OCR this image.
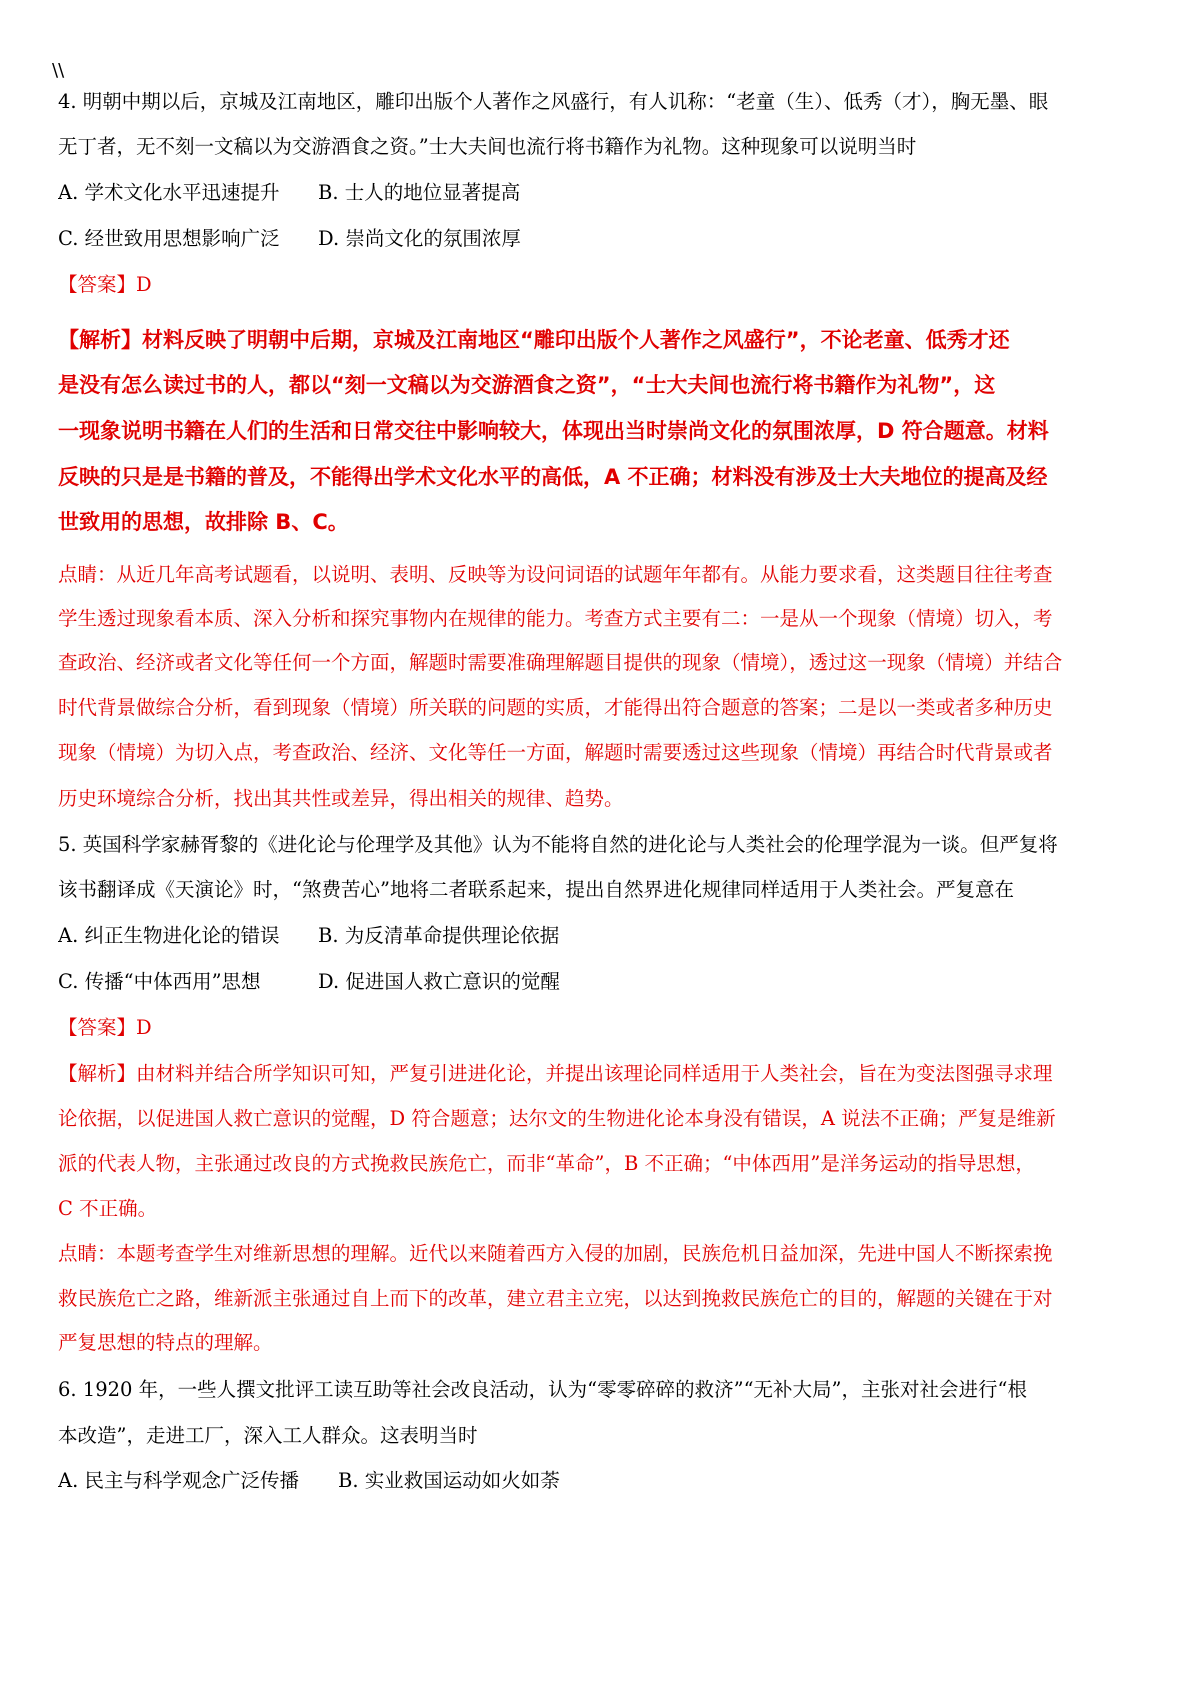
\\
4. 明朝中期以后，京城及江南地区，雕印出版个人著作之风盛行，有人讥称：“老童（生）、低秀（才），胸无墨、眼
无丁者，无不刻一文稿以为交游酒食之资。”士大夫间也流行将书籍作为礼物。这种现象可以说明当时
A. 学术文化水平迅速提升 B. 士人的地位显著提高
C. 经世致用思想影响广泛 D. 崇尚文化的氛围浓厚
【答案】D
【解析】材料反映了明朝中后期，京城及江南地区“雕印出版个人著作之风盛行”，不论老童、低秀才还
是没有怎么读过书的人，都以“刻一文稿以为交游酒食之资”，“士大夫间也流行将书籍作为礼物”，这
一现象说明书籍在人们的生活和日常交往中影响较大，体现出当时崇尚文化的氛围浓厚，D 符合题意。材料
反映的只是是书籍的普及，不能得出学术文化水平的高低，A 不正确；材料没有涉及士大夫地位的提高及经
世致用的思想，故排除 B、C。
点睛：从近几年高考试题看，以说明、表明、反映等为设问词语的试题年年都有。从能力要求看，这类题目往往考查
学生透过现象看本质、深入分析和探究事物内在规律的能力。考查方式主要有二：一是从一个现象（情境）切入，考
查政治、经济或者文化等任何一个方面，解题时需要准确理解题目提供的现象（情境），透过这一现象（情境）并结合
时代背景做综合分析，看到现象（情境）所关联的问题的实质，才能得出符合题意的答案；二是以一类或者多种历史
现象（情境）为切入点，考查政治、经济、文化等任一方面，解题时需要透过这些现象（情境）再结合时代背景或者
历史环境综合分析，找出其共性或差异，得出相关的规律、趋势。
5. 英国科学家赫胥黎的《进化论与伦理学及其他》认为不能将自然的进化论与人类社会的伦理学混为一谈。但严复将
该书翻译成《天演论》时，“煞费苦心”地将二者联系起来，提出自然界进化规律同样适用于人类社会。严复意在
A. 纠正生物进化论的错误 B. 为反清革命提供理论依据
C. 传播“中体西用”思想	D. 促进国人救亡意识的觉醒
【答案】D
【解析】由材料并结合所学知识可知，严复引进进化论，并提出该理论同样适用于人类社会，旨在为变法图强寻求理
论依据，以促进国人救亡意识的觉醒，D 符合题意；达尔文的生物进化论本身没有错误，A 说法不正确；严复是维新
派的代表人物，主张通过改良的方式挽救民族危亡，而非“革命”，B 不正确；“中体西用”是洋务运动的指导思想，
C 不正确。
点睛：本题考查学生对维新思想的理解。近代以来随着西方入侵的加剧，民族危机日益加深，先进中国人不断探索挽
救民族危亡之路，维新派主张通过自上而下的改革，建立君主立宪，以达到挽救民族危亡的目的，解题的关键在于对
严复思想的特点的理解。
6. 1920 年，一些人撰文批评工读互助等社会改良活动，认为“零零碎碎的救济”“无补大局”，主张对社会进行“根
本改造”，走进工厂，深入工人群众。这表明当时
A. 民主与科学观念广泛传播 B. 实业救国运动如火如荼
